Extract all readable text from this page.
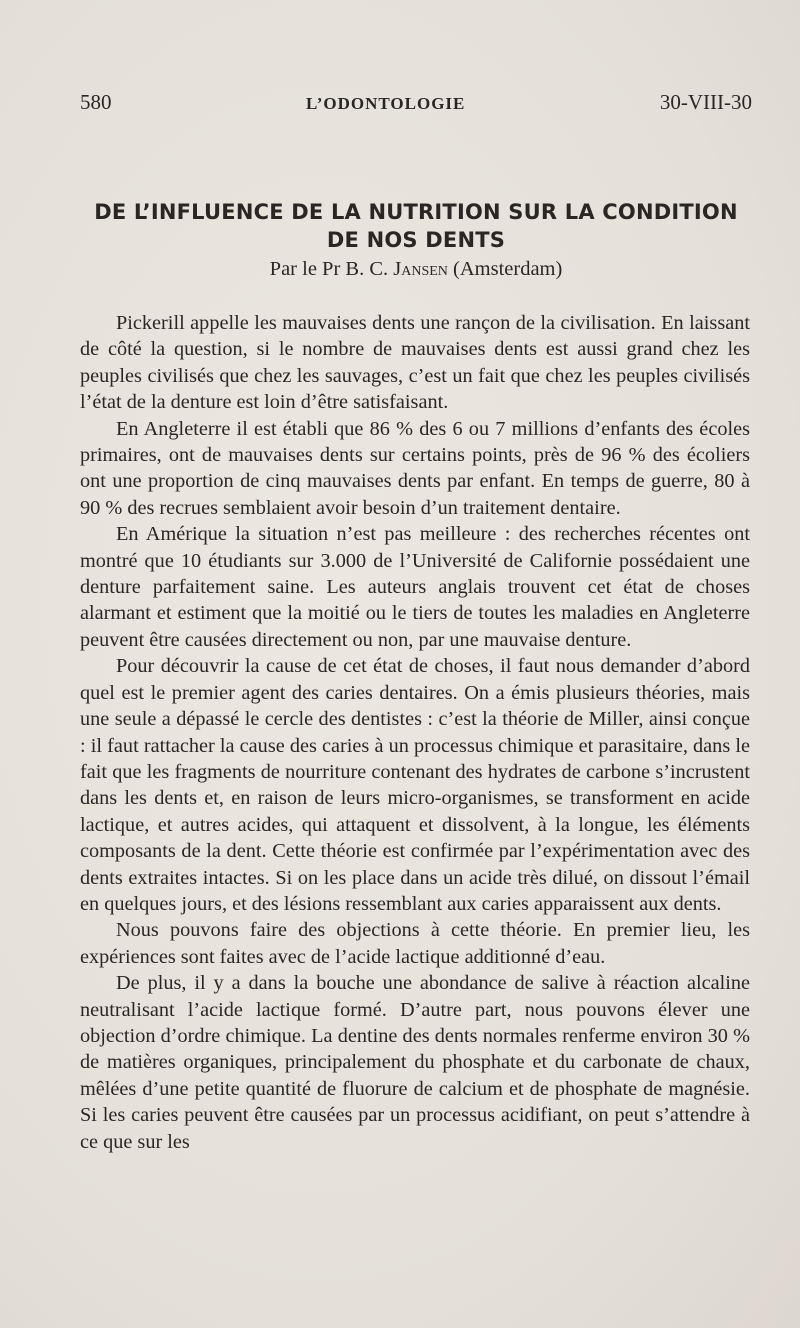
580	L’ODONTOLOGIE	30-VIII-30
DE L’INFLUENCE DE LA NUTRITION SUR LA CONDITION
DE NOS DENTS
Par le Pr B. C. Jansen (Amsterdam)

Pickerill appelle les mauvaises dents une rançon de la civilisation. En laissant de côté la question, si le nombre de mauvaises dents est aussi grand chez les peuples civilisés que chez les sauvages, c’est un fait que chez les peuples civilisés l’état de la denture est loin d’être satisfaisant.

En Angleterre il est établi que 86 % des 6 ou 7 millions d’enfants des écoles primaires, ont de mauvaises dents sur certains points, près de 96 % des écoliers ont une proportion de cinq mauvaises dents par enfant. En temps de guerre, 80 à 90 % des recrues semblaient avoir besoin d’un traitement dentaire.

En Amérique la situation n’est pas meilleure : des recherches récentes ont montré que 10 étudiants sur 3.000 de l’Université de Californie possédaient une denture parfaitement saine. Les auteurs anglais trouvent cet état de choses alarmant et estiment que la moitié ou le tiers de toutes les maladies en Angleterre peuvent être causées directement ou non, par une mauvaise denture.

Pour découvrir la cause de cet état de choses, il faut nous demander d’abord quel est le premier agent des caries dentaires. On a émis plusieurs théories, mais une seule a dépassé le cercle des dentistes : c’est la théorie de Miller, ainsi conçue : il faut rattacher la cause des caries à un processus chimique et parasitaire, dans le fait que les fragments de nourriture contenant des hydrates de carbone s’incrustent dans les dents et, en raison de leurs micro-organismes, se transforment en acide lactique, et autres acides, qui attaquent et dissolvent, à la longue, les éléments composants de la dent. Cette théorie est confirmée par l’expérimentation avec des dents extraites intactes. Si on les place dans un acide très dilué, on dissout l’émail en quelques jours, et des lésions ressemblant aux caries apparaissent aux dents.

Nous pouvons faire des objections à cette théorie. En premier lieu, les expériences sont faites avec de l’acide lactique additionné d’eau.

De plus, il y a dans la bouche une abondance de salive à réaction alcaline neutralisant l’acide lactique formé. D’autre part, nous pouvons élever une objection d’ordre chimique. La dentine des dents normales renferme environ 30 % de matières organiques, principalement du phosphate et du carbonate de chaux, mêlées d’une petite quantité de fluorure de calcium et de phosphate de magnésie. Si les caries peuvent être causées par un processus acidifiant, on peut s’attendre à ce que sur les
